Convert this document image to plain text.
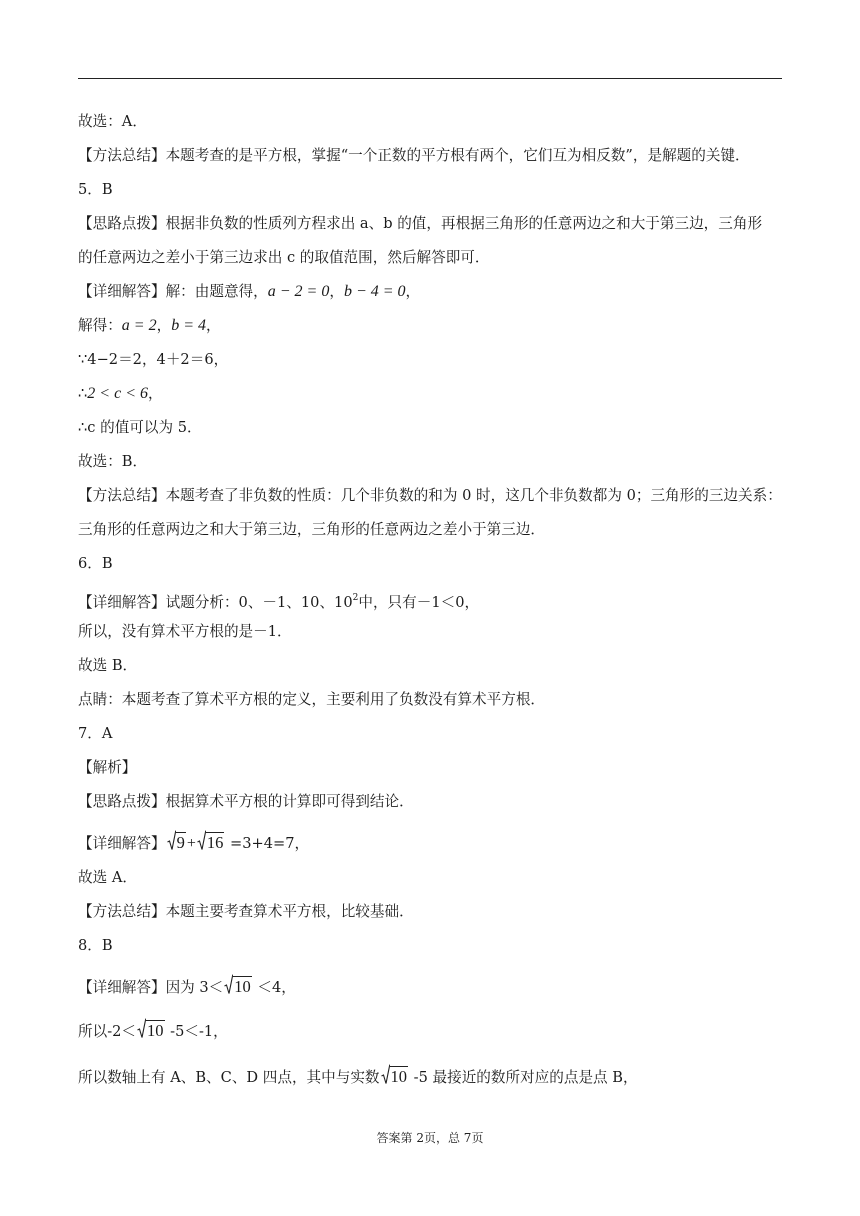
故选：A．
【方法总结】本题考查的是平方根，掌握“一个正数的平方根有两个，它们互为相反数”，是解题的关键．
5．B
【思路点拨】根据非负数的性质列方程求出 a、b 的值，再根据三角形的任意两边之和大于第三边，三角形
的任意两边之差小于第三边求出 c 的取值范围，然后解答即可．
【详细解答】解：由题意得，a − 2 = 0，b − 4 = 0，
解得：a = 2，b = 4，
∵4−2＝2，4＋2＝6，
∴2 < c < 6，
∴c 的值可以为 5．
故选：B．
【方法总结】本题考查了非负数的性质：几个非负数的和为 0 时，这几个非负数都为 0；三角形的三边关系：
三角形的任意两边之和大于第三边，三角形的任意两边之差小于第三边．
6．B
【详细解答】试题分析：0、－1、10、$10^2$中，只有－1＜0，
所以，没有算术平方根的是－1．
故选 B．
点睛：本题考查了算术平方根的定义，主要利用了负数没有算术平方根．
7．A
【解析】
【思路点拨】根据算术平方根的计算即可得到结论．
【详细解答】 9 + 16 =3+4=7，
故选 A．
【方法总结】本题主要考查算术平方根，比较基础．
8．B
【详细解答】因为 3＜ 10 ＜4，
所以-2＜ 10 -5＜-1，
所以数轴上有 A、B、C、D 四点，其中与实数 10 -5 最接近的数所对应的点是点 B，
答案第 2页，总 7页
